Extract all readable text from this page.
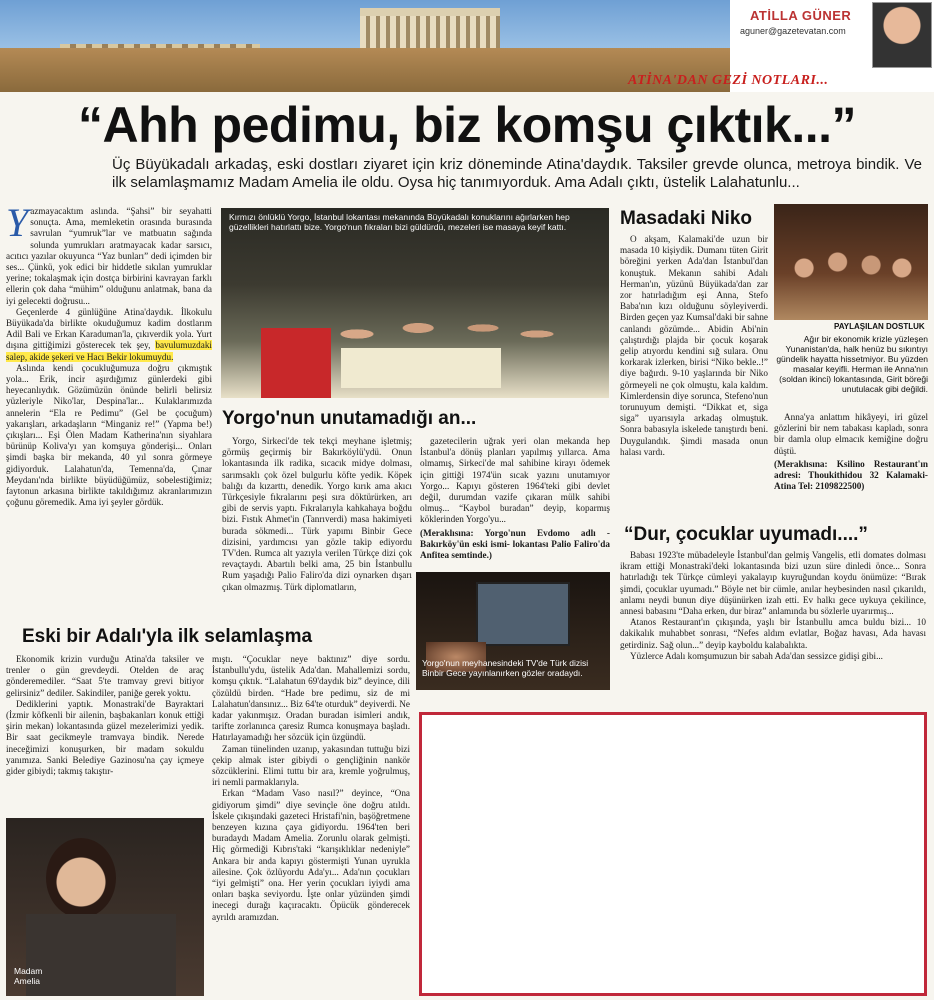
ATİLLA GÜNER
aguner@gazetevatan.com
ATİNA'DAN GEZİ NOTLARI...
“Ahh pedimu, biz komşu çıktık...”
Üç Büyükadalı arkadaş, eski dostları ziyaret için kriz döneminde Atina'daydık. Taksiler grevde olunca, metroya bindik. Ve ilk selamlaşmamız Madam Amelia ile oldu. Oysa hiç tanımıyorduk. Ama Adalı çıktı, üstelik Lalahatunlu...
Y azmayacaktım aslında. “Şahsi” bir seyahatti sonuçta. Ama, memleketin orasında burasında savrulan “yumruk”lar ve matbuatın sağında solunda yumrukları aratmayacak kadar sarsıcı, acıtıcı yazılar okuyunca “Yaz bunları” dedi içimden bir ses... Çünkü, yok edici bir hiddetle sıkılan yumruklar yerine; tokalaşmak için dostça birbirini kavrayan farklı ellerin çok daha “mühim” olduğunu anlatmak, bana da iyi gelecekti doğrusu...

Geçenlerde 4 günlüğüne Atina'daydık. İlkokulu Büyükada'da birlikte okuduğumuz kadim dostlarım Adil Bali ve Erkan Karaduman'la, çıkıverdik yola. Yurt dışına gittiğimizi gösterecek tek şey, bavulumuzdaki salep, akide şekeri ve Hacı Bekir lokumuydu.

Aslında kendi çocukluğumuza doğru çıkmıştık yola... Erik, incir aşırdığımız günlerdeki gibi heyecanlıydık. Gözümüzün önünde belirli belirsiz yüzleriyle Niko'lar, Despina'lar... Kulaklarımızda annelerin “Ela re Pedimu” (Gel be çocuğum) yakarışları, arkadaşların “Minganiz re!” (Yapma be!) çıkışları... Eşi Ölen Madam Katherina'nın siyahlara bürünüp Koliva'yı yan komşuya gönderişi... Onları şimdi başka bir mekanda, 40 yıl sonra görmeye gidiyorduk. Lalahatun'da, Temenna'da, Çınar Meydanı'nda birlikte büyüdüğümüz, sobelestiğimiz; faytonun arkasına birlikte takıldığımız akranlarımızın çoğunu göremedik. Ama iyi şeyler gördük.

Kırmızı önlüklü Yorgo, İstanbul lokantası mekanında Büyükadalı konuklarını ağırlarken hep güzellikleri hatırlattı bize. Yorgo'nun fıkraları bizi güldürdü, mezeleri ise masaya keyif kattı.
Yorgo'nun unutamadığı an...

Yorgo, Sirkeci'de tek tekçi meyhane işletmiş; görmüş geçirmiş bir Bakırköylü'ydü. Onun lokantasında ilk radika, sıcacık midye dolması, sarımsaklı çok özel bulgurlu köfte yedik. Köpek balığı da kızarttı, denedik. Yorgo kırık ama akıcı Türkçesiyle fıkralarını peşi sıra döktürürken, arı gibi de servis yaptı. Fıkralarıyla kahkahaya boğdu bizi. Fıstık Ahmet'in (Tanrıverdi) masa hakimiyeti burada sökmedi... Türk yapımı Binbir Gece dizisini, yardımcısı yan gözle takip ediyordu TV'den. Rumca alt yazıyla verilen Türkçe dizi çok revaçtaydı. Abartılı belki ama, 25 bin İstanbullu Rum yaşadığı Palio Faliro'da dizi oynarken dışarı çıkan olmazmış. Türk diplomatların,

gazetecilerin uğrak yeri olan mekanda hep İstanbul'a dönüş planları yapılmış yıllarca. Ama olmamış, Sirkeci'de mal sahibine kirayı ödemek için gittiği 1974'ün sıcak yazını unutamıyor Yorgo... Kapıyı gösteren 1964'teki gibi devlet değil, durumdan vazife çıkaran mülk sahibi olmuş... “Kaybol buradan” deyip, koparmış köklerinden Yorgo'yu...

(Meraklısına: Yorgo'nun Evdomo adlı -Bakırköy'ün eski ismi- lokantası Palio Faliro'da Anfitea semtinde.)

Yorgo'nun meyhanesindeki TV'de Türk dizisi Binbir Gece yayınlanırken gözler oradaydı.
Masadaki Niko

O akşam, Kalamaki'de uzun bir masada 10 kişiydik. Dumanı tüten Girit böreğini yerken Ada'dan İstanbul'dan konuştuk. Mekanın sahibi Adalı Herman'ın, yüzünü Büyükada'dan zar zor hatırladığım eşi Anna, Stefo Baba'nın kızı olduğunu söyleyiverdi. Birden geçen yaz Kumsal'daki bir sahne canlandı gözümde... Abidin Abi'nin çalıştırdığı plajda bir çocuk koşarak gelip atıyordu kendini sığ sulara. Onu korkarak izlerken, birisi “Niko bekle..!” diye bağırdı. 9-10 yaşlarında bir Niko görmeyeli ne çok olmuştu, kala kaldım. Kimlerdensin diye sorunca, Stefeno'nun torunuyum demişti. “Dikkat et, siga siga” uyarısıyla arkadaş olmuştuk. Sonra babasıyla iskelede tanıştırdı beni. Duygulandık. Şimdi masada onun halası vardı.

PAYLAŞILAN DOSTLUK
Ağır bir ekonomik krizle yüzleşen Yunanistan'da, halk henüz bu sıkıntıyı gündelik hayatta hissetmiyor. Bu yüzden masalar keyifli. Herman ile Anna'nın (soldan ikinci) lokantasında, Girit böreği unutulacak gibi değildi.

Anna'ya anlattım hikâyeyi, iri güzel gözlerini bir nem tabakası kapladı, sonra bir damla olup elmacık kemiğine doğru düştü.

(Meraklısına: Ksilino Restaurant'ın adresi: Thoukithidou 32 Kalamaki-Atina Tel: 2109822500)

“Dur, çocuklar uyumadı....”

Babası 1923'te mübadeleyle İstanbul'dan gelmiş Vangelis, etli domates dolması ikram ettiği Monastraki'deki lokantasında bizi uzun süre dinledi önce... Sonra hatırladığı tek Türkçe cümleyi yakalayıp kuyruğundan koydu önümüze: “Bırak şimdi, çocuklar uyumadı.” Böyle net bir cümle, anılar heybesinden nasıl çıkarıldı, anlamı neydi bunun diye düşünürken izah etti. Ev halkı gece uykuya çekilince, annesi babasını “Daha erken, dur biraz” anlamında bu sözlerle uyarırmış...

Atanos Restaurant'ın çıkışında, yaşlı bir İstanbullu amca buldu bizi... 10 dakikalık muhabbet sonrası, “Nefes aldım evlatlar, Boğaz havası, Ada havası getirdiniz. Sağ olun...” deyip kayboldu kalabalıkta.

Yüzlerce Adalı komşumuzun bir sabah Ada'dan sessizce gidişi gibi...

Eski bir Adalı'yla ilk selamlaşma

Ekonomik krizin vurduğu Atina'da taksiler ve trenler o gün grevdeydi. Otelden de araç gönderemediler. “Saat 5'te tramvay grevi bitiyor gelirsiniz” dediler. Sakindiler, paniğe gerek yoktu.

Dediklerini yaptık. Monastraki'de Bayraktari (İzmir köfkenli bir ailenin, başbakanları konuk ettiği şirin mekan) lokantasında güzel mezelerimizi yedik. Bir saat gecikmeyle tramvaya bindik. Nerede ineceğimizi konuşurken, bir madam sokuldu yanımıza. Sanki Belediye Gazinosu'na çay içmeye gider gibiydi; takmış takıştır-

Madam Amelia

mıştı. “Çocuklar neye baktınız” diye sordu. İstanbullu'ydu, üstelik Ada'dan. Mahallemizi sordu, komşu çıktık. “Lalahatun 69'daydık biz” deyince, dili çözüldü birden. “Hade bre pedimu, siz de mi Lalahatun'dansınız... Biz 64'te oturduk” deyiverdi. Ne kadar yakınmışız. Oradan buradan isimleri andık, tarifte zorlanınca çaresiz Rumca konuşmaya başladı. Hatırlayamadığı her sözcük için üzgündü.

Zaman tünelinden uzanıp, yakasından tuttuğu bizi çekip almak ister gibiydi o gençliğinin nankör sözcüklerini. Elimi tuttu bir ara, kremle yoğrulmuş, iri nemli parmaklarıyla.

Erkan “Madam Vaso nasıl?” deyince, “Ona gidiyorum şimdi” diye sevinçle öne doğru atıldı. İskele çıkışındaki gazeteci Hristafi'nin, başöğretmene benzeyen kızına çaya gidiyordu. 1964'ten beri buradaydı Madam Amelia. Zorunlu olarak gelmişti. Hiç görmediği Kıbrıs'taki “karışıklıklar nedeniyle” Ankara bir anda kapıyı göstermişti Yunan uyrukla ailesine. Çok özlüyordu Ada'yı... Ada'nın çocukları “iyi gelmişti” ona. Her yerin çocukları iyiydi ama onları başka seviyordu. İşte onlar yüzünden şimdi inecegi durağı kaçıracaktı. Öpücük gönderecek ayrıldı aramızdan.
